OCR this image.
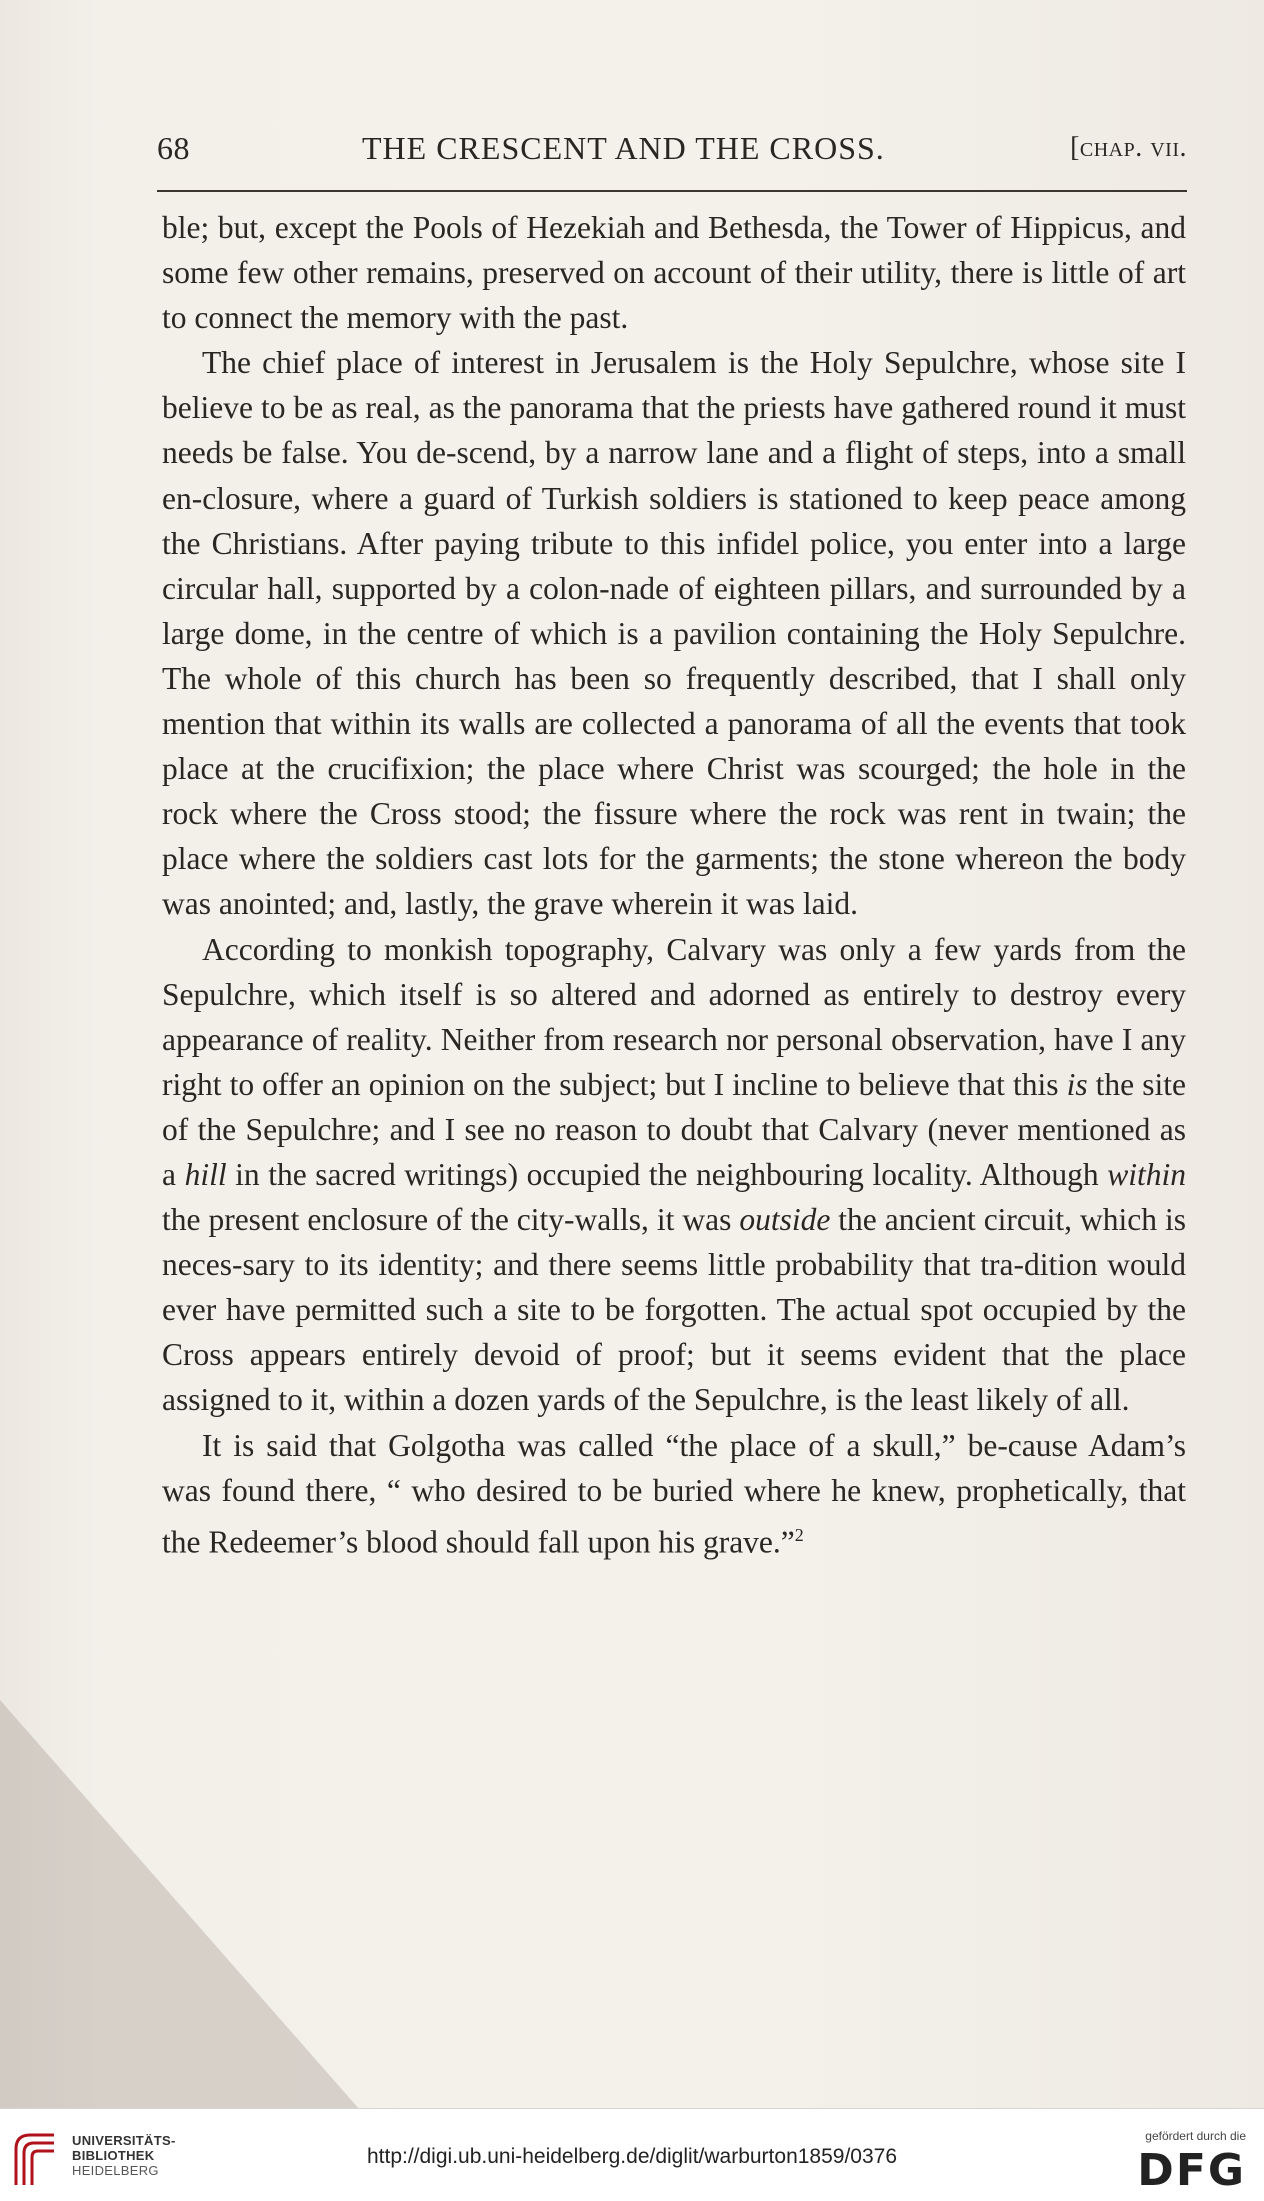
68	THE CRESCENT AND THE CROSS.	[chap. vii.

ble; but, except the Pools of Hezekiah and Bethesda, the Tower of Hippicus, and some few other remains, preserved on account of their utility, there is little of art to connect the memory with the past.

The chief place of interest in Jerusalem is the Holy Sepulchre, whose site I believe to be as real, as the panorama that the priests have gathered round it must needs be false. You de-scend, by a narrow lane and a flight of steps, into a small en-closure, where a guard of Turkish soldiers is stationed to keep peace among the Christians. After paying tribute to this infidel police, you enter into a large circular hall, supported by a colon-nade of eighteen pillars, and surrounded by a large dome, in the centre of which is a pavilion containing the Holy Sepulchre. The whole of this church has been so frequently described, that I shall only mention that within its walls are collected a panorama of all the events that took place at the crucifixion; the place where Christ was scourged; the hole in the rock where the Cross stood; the fissure where the rock was rent in twain; the place where the soldiers cast lots for the garments; the stone whereon the body was anointed; and, lastly, the grave wherein it was laid.

According to monkish topography, Calvary was only a few yards from the Sepulchre, which itself is so altered and adorned as entirely to destroy every appearance of reality. Neither from research nor personal observation, have I any right to offer an opinion on the subject; but I incline to believe that this is the site of the Sepulchre; and I see no reason to doubt that Calvary (never mentioned as a hill in the sacred writings) occupied the neighbouring locality. Although within the present enclosure of the city-walls, it was outside the ancient circuit, which is neces-sary to its identity; and there seems little probability that tra-dition would ever have permitted such a site to be forgotten. The actual spot occupied by the Cross appears entirely devoid of proof; but it seems evident that the place assigned to it, within a dozen yards of the Sepulchre, is the least likely of all.

It is said that Golgotha was called “the place of a skull,” be-cause Adam’s was found there, “ who desired to be buried where he knew, prophetically, that the Redeemer’s blood should fall upon his grave.”$^2$

UNIVERSITÄTS-
BIBLIOTHEK
HEIDELBERG
http://digi.ub.uni-heidelberg.de/diglit/warburton1859/0376
gefördert durch die
DFG
